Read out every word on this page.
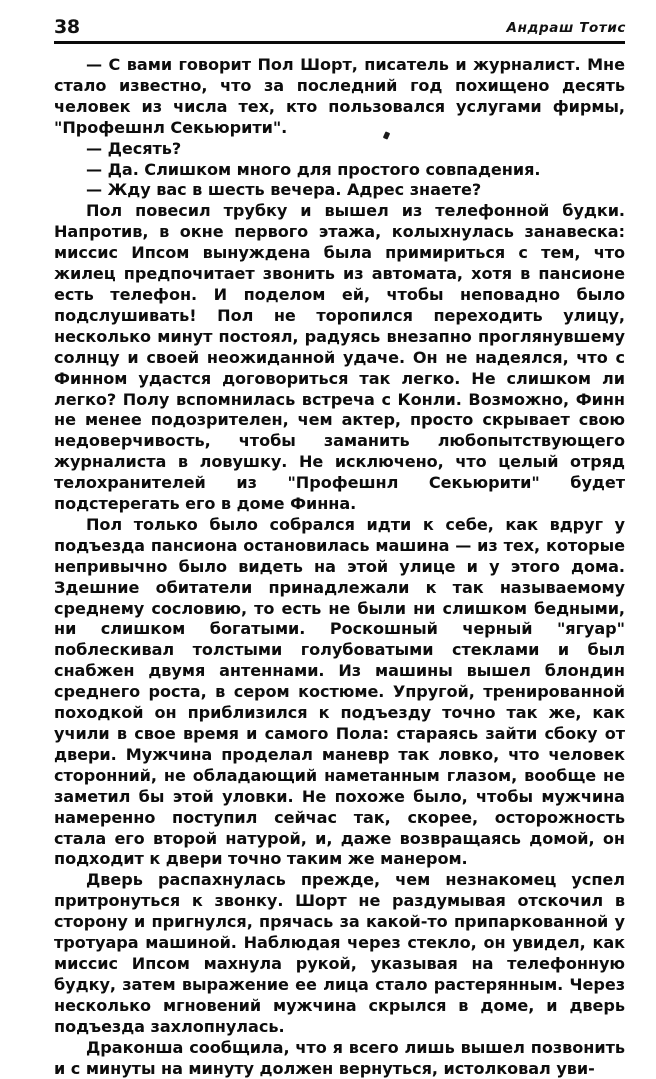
38	Андраш Тотис

— С вами говорит Пол Шорт, писатель и журналист. Мне стало известно, что за последний год похищено десять человек из числа тех, кто пользовался услугами фирмы, "Профешнл Секьюрити".

— Десять?

— Да. Слишком много для простого совпадения.

— Жду вас в шесть вечера. Адрес знаете?

Пол повесил трубку и вышел из телефонной будки. Напротив, в окне первого этажа, колыхнулась занавеска: миссис Ипсом вынуждена была примириться с тем, что жилец предпочитает звонить из автомата, хотя в пансионе есть телефон. И поделом ей, чтобы неповадно было подслушивать! Пол не торопился переходить улицу, несколько минут постоял, радуясь внезапно проглянувшему солнцу и своей неожиданной удаче. Он не надеялся, что с Финном удастся договориться так легко. Не слишком ли легко? Полу вспомнилась встреча с Конли. Возможно, Финн не менее подозрителен, чем актер, просто скрывает свою недоверчивость, чтобы заманить любопытствующего журналиста в ловушку. Не исключено, что целый отряд телохранителей из "Профешнл Секьюрити" будет подстерегать его в доме Финна.

Пол только было собрался идти к себе, как вдруг у подъезда пансиона остановилась машина — из тех, которые непривычно было видеть на этой улице и у этого дома. Здешние обитатели принадлежали к так называемому среднему сословию, то есть не были ни слишком бедными, ни слишком богатыми. Роскошный черный "ягуар" поблескивал толстыми голубоватыми стеклами и был снабжен двумя антеннами. Из машины вышел блондин среднего роста, в сером костюме. Упругой, тренированной походкой он приблизился к подъезду точно так же, как учили в свое время и самого Пола: стараясь зайти сбоку от двери. Мужчина проделал маневр так ловко, что человек сторонний, не обладающий наметанным глазом, вообще не заметил бы этой уловки. Не похоже было, чтобы мужчина намеренно поступил сейчас так, скорее, осторожность стала его второй натурой, и, даже возвращаясь домой, он подходит к двери точно таким же манером.

Дверь распахнулась прежде, чем незнакомец успел притронуться к звонку. Шорт не раздумывая отскочил в сторону и пригнулся, прячась за какой-то припаркованной у тротуара машиной. Наблюдая через стекло, он увидел, как миссис Ипсом махнула рукой, указывая на телефонную будку, затем выражение ее лица стало растерянным. Через несколько мгновений мужчина скрылся в доме, и дверь подъезда захлопнулась.

Драконша сообщила, что я всего лишь вышел позвонить и с минуты на минуту должен вернуться, истолковал уви-
